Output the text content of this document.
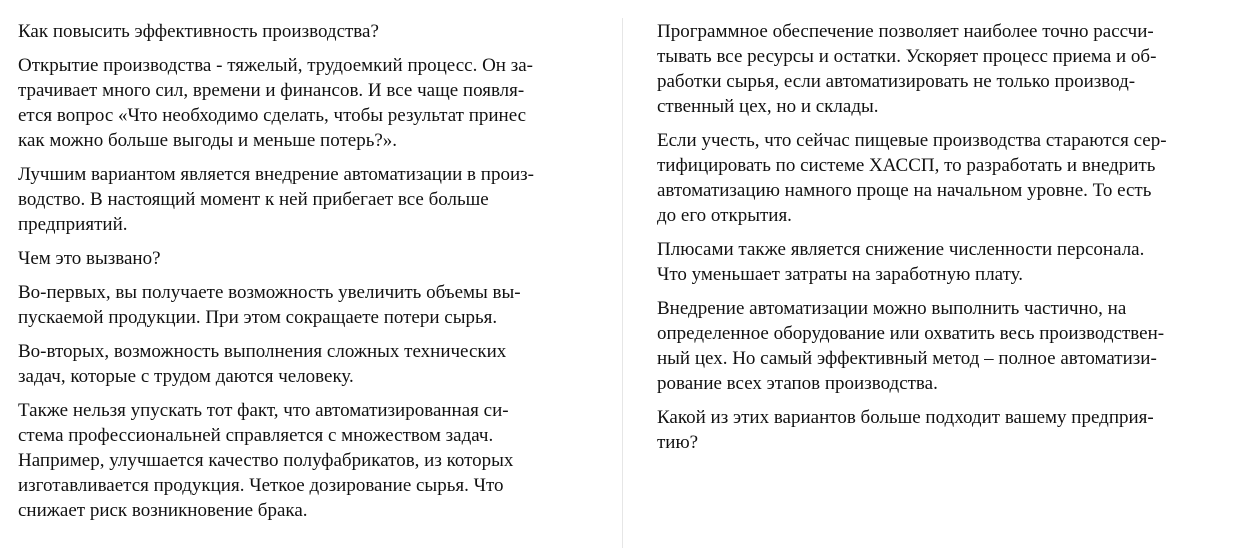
Как повысить эффективность производства?

Открытие производства - тяжелый, трудоемкий процесс. Он за-
трачивает много сил, времени и финансов. И все чаще появля-
ется вопрос «Что необходимо сделать, чтобы результат принес
как можно больше выгоды и меньше потерь?».

Лучшим вариантом является внедрение автоматизации в произ-
водство. В настоящий момент к ней прибегает все больше
предприятий.

Чем это вызвано?

Во-первых, вы получаете возможность увеличить объемы вы-
пускаемой продукции. При этом сокращаете потери сырья.

Во-вторых, возможность выполнения сложных технических
задач, которые с трудом даются человеку.

Также нельзя упускать тот факт, что автоматизированная си-
стема профессиональней справляется с множеством задач.
Например, улучшается качество полуфабрикатов, из которых
изготавливается продукция. Четкое дозирование сырья. Что
снижает риск возникновение брака.

Программное обеспечение позволяет наиболее точно рассчи-
тывать все ресурсы и остатки. Ускоряет процесс приема и об-
работки сырья, если автоматизировать не только производ-
ственный цех, но и склады.

Если учесть, что сейчас пищевые производства стараются сер-
тифицировать по системе ХАССП, то разработать и внедрить
автоматизацию намного проще на начальном уровне. То есть
до его открытия.

Плюсами также является снижение численности персонала.
Что уменьшает затраты на заработную плату.

Внедрение автоматизации можно выполнить частично, на
определенное оборудование или охватить весь производствен-
ный цех. Но самый эффективный метод – полное автоматизи-
рование всех этапов производства.

Какой из этих вариантов больше подходит вашему предприя-
тию?
